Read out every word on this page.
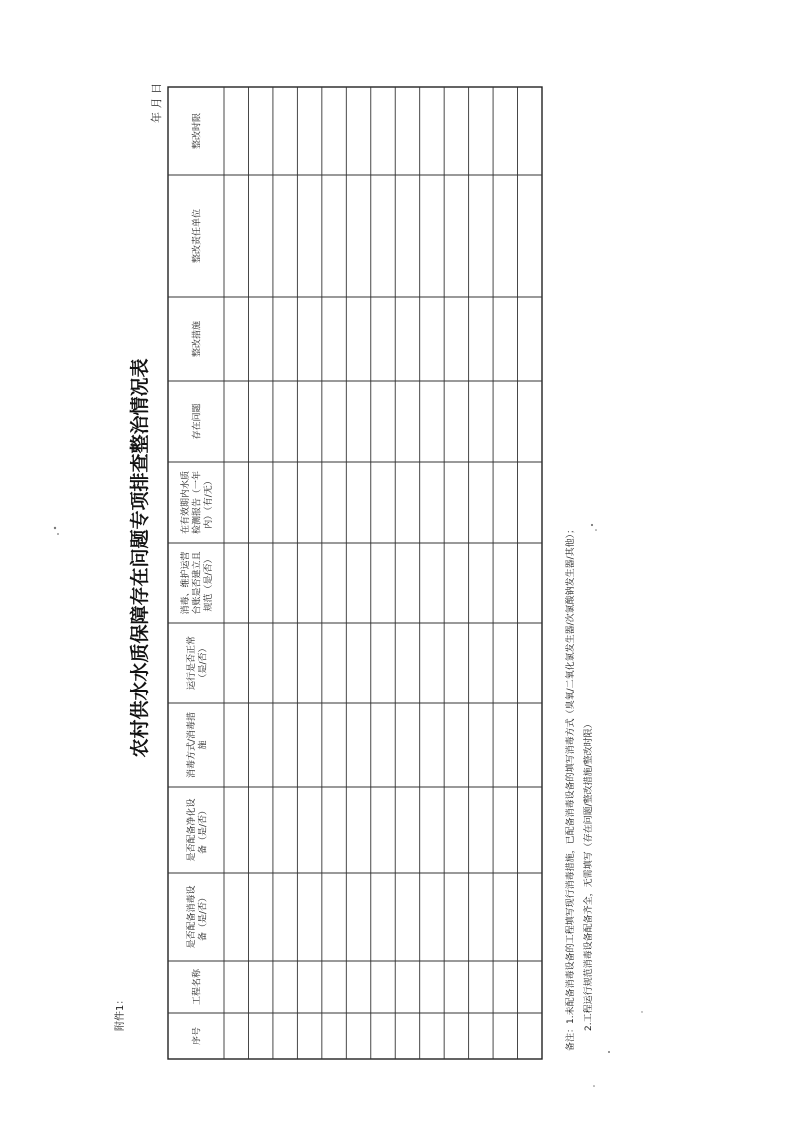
附件1：
农村供水水质保障存在问题专项排查整治情况表
年 月 日
序号
工程名称
是否配备消毒设 备（是/否）
是否配备净化设 备（是/否）
消毒方式/消毒措 施
运行是否正常 （是/否）
消毒、维护运营 台账是否建立且 规范（是/否）
在有效期内水质 检测报告（一年 内）（有/无）
存在问题
整改措施
整改责任单位
整改时限
备注：1.未配备消毒设备的工程填写现行消毒措施，已配备消毒设备的填写消毒方式（臭氧/二氧化氯发生器/次氯酸钠发生器/其他）； 2.工程运行规范消毒设备配备齐全，无需填写（存在问题/整改措施/整改时限）
